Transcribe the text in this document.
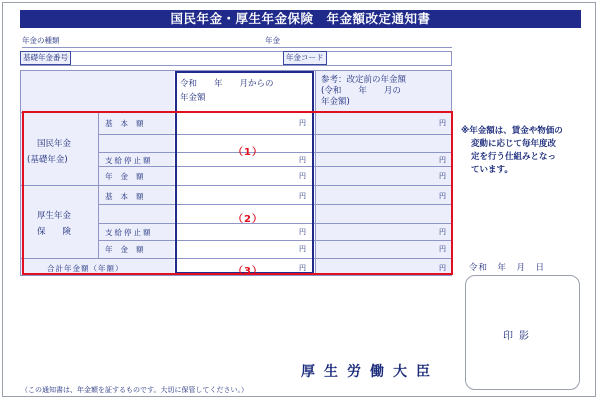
国民年金・厚生年金保険　年金額改定通知書
年金の種類	年金
基礎年金番号	年金コード
令和　　年　　月からの
年金額
参考：改定前の年金額
(令和　　年　　月の
年金額)
国民年金
(基礎年金)
厚生年金
保　　険
基本額
支給停止額
年金額
基本額
支給停止額
年金額
合計年金額（年額）
（1）
（2）
（3）
円
円
円
円
円
円
円
円
円
円
円
円
円
円
※年金額は、賃金や物価の
変動に応じて毎年度改
定を行う仕組みとなっ
ています。
令和　年　月　日
印影
厚生労働大臣
（この通知書は、年金額を証するものです。大切に保管してください。）
